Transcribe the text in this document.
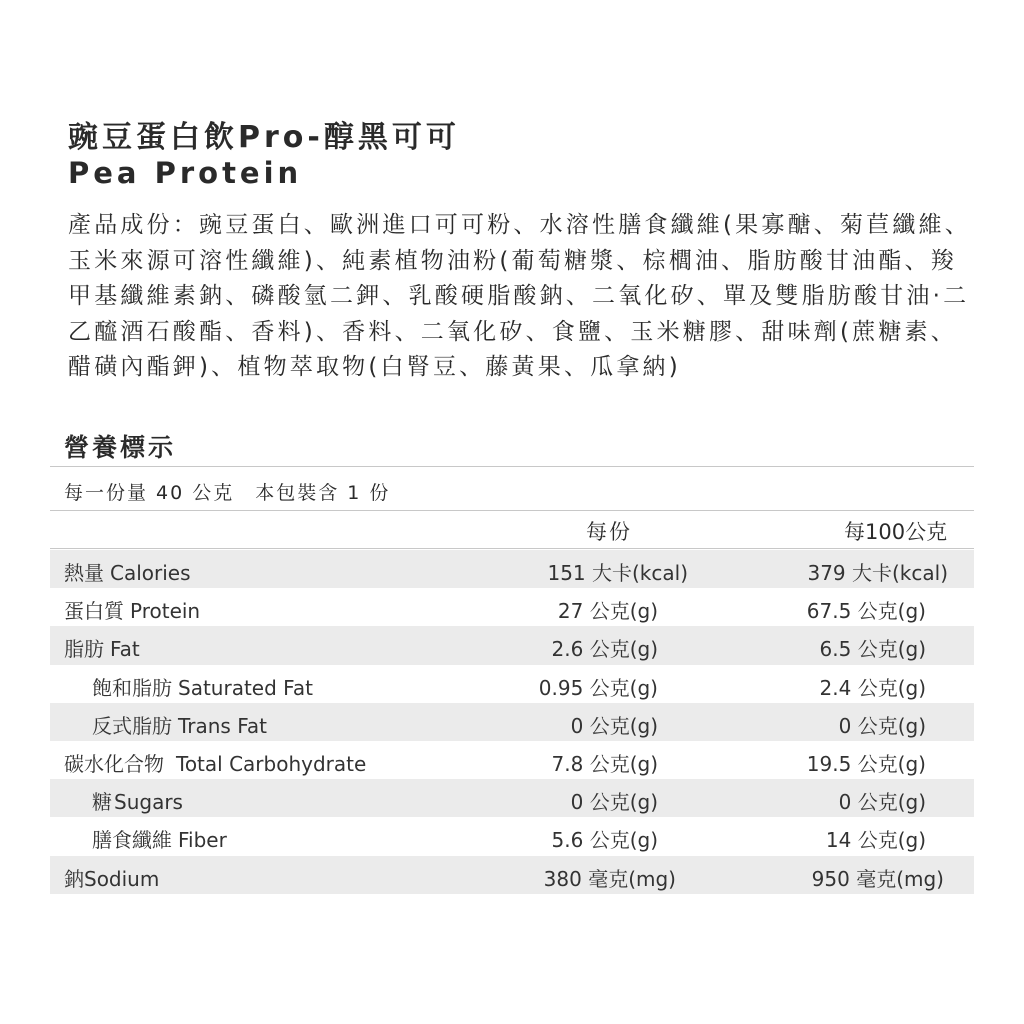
豌豆蛋白飲Pro-醇黑可可
Pea Protein

產品成份：豌豆蛋白、歐洲進口可可粉、水溶性膳食纖維(果寡醣、菊苣纖維、玉米來源可溶性纖維)、純素植物油粉(葡萄糖漿、棕櫚油、脂肪酸甘油酯、羧甲基纖維素鈉、磷酸氫二鉀、乳酸硬脂酸鈉、二氧化矽、單及雙脂肪酸甘油·二乙醯酒石酸酯、香料)、香料、二氧化矽、食鹽、玉米糖膠、甜味劑(蔗糖素、醋磺內酯鉀)、植物萃取物(白腎豆、藤黃果、瓜拿納)

營養標示
每一份量 40 公克　本包裝含 1 份
每份	每100公克
熱量 Calories	151 大卡(kcal)	379 大卡(kcal)
蛋白質 Protein	27 公克(g)	67.5 公克(g)
脂肪 Fat	2.6 公克(g)	6.5 公克(g)
飽和脂肪 Saturated Fat	0.95 公克(g)	2.4 公克(g)
反式脂肪 Trans Fat	0 公克(g)	0 公克(g)
碳水化合物 Total Carbohydrate	7.8 公克(g)	19.5 公克(g)
糖 Sugars	0 公克(g)	0 公克(g)
膳食纖維 Fiber	5.6 公克(g)	14 公克(g)
鈉Sodium	380 毫克(mg)	950 毫克(mg)
